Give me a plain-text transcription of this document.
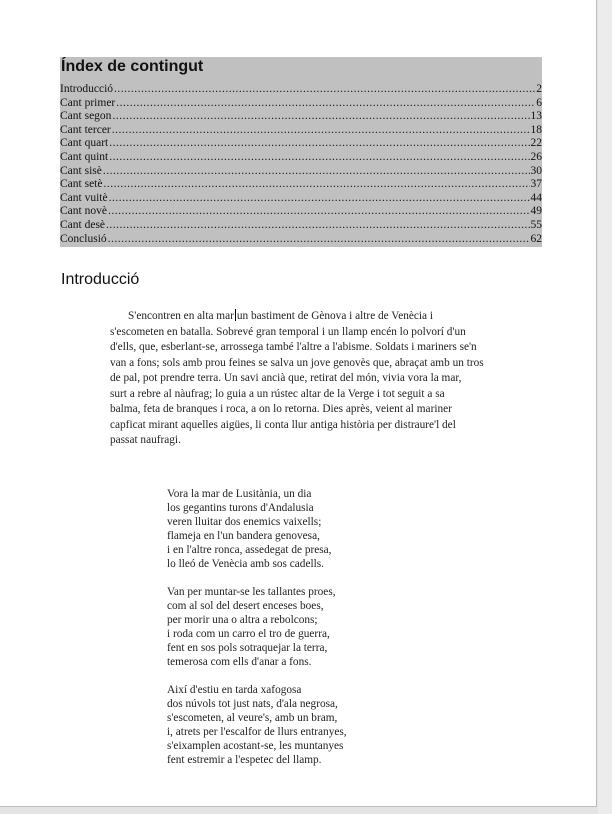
Índex de contingut
Introducció .....	2
Cant primer .....	6
Cant segon .....	13
Cant tercer .....	18
Cant quart .....	22
Cant quint .....	26
Cant sisè .....	30
Cant setè .....	37
Cant vuitè .....	44
Cant novè .....	49
Cant desè .....	55
Conclusió .....	62
Introducció
S'encontren en alta mar un bastiment de Gènova i altre de Venècia i
s'escometen en batalla. Sobrevé gran temporal i un llamp encén lo polvorí d'un
d'ells, que, esberlant-se, arrossega també l'altre a l'abisme. Soldats i mariners se'n
van a fons; sols amb prou feines se salva un jove genovès que, abraçat amb un tros
de pal, pot prendre terra. Un savi ancià que, retirat del món, vivia vora la mar,
surt a rebre al nàufrag; lo guia a un rústec altar de la Verge i tot seguit a sa
balma, feta de branques i roca, a on lo retorna. Dies après, veient al mariner
capficat mirant aquelles aigües, li conta llur antiga història per distraure'l del
passat naufragi.
Vora la mar de Lusitània, un dia
los gegantins turons d'Andalusia
veren lluitar dos enemics vaixells;
flameja en l'un bandera genovesa,
i en l'altre ronca, assedegat de presa,
lo lleó de Venècia amb sos cadells.
Van per muntar-se les tallantes proes,
com al sol del desert enceses boes,
per morir una o altra a rebolcons;
i roda com un carro el tro de guerra,
fent en sos pols sotraquejar la terra,
temerosa com ells d'anar a fons.
Així d'estiu en tarda xafogosa
dos núvols tot just nats, d'ala negrosa,
s'escometen, al veure's, amb un bram,
i, atrets per l'escalfor de llurs entranyes,
s'eixamplen acostant-se, les muntanyes
fent estremir a l'espetec del llamp.
